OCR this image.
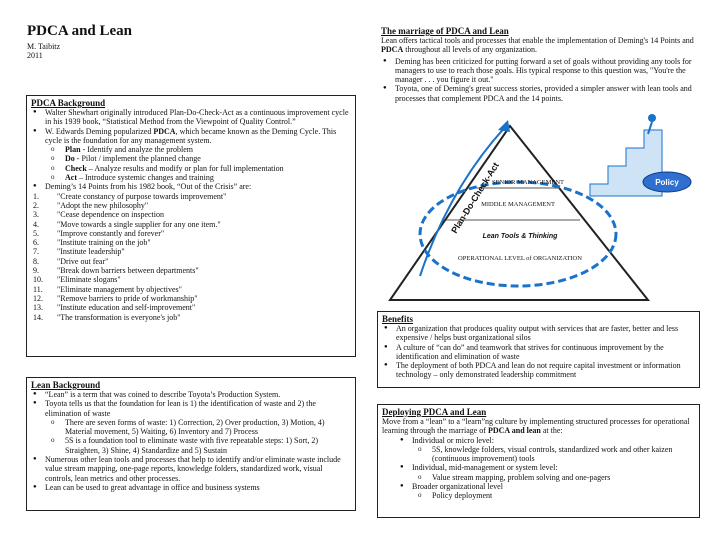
PDCA and Lean
M. Taibitz
2011
PDCA Background
● Walter Shewhart originally introduced Plan-Do-Check-Act as a continuous improvement cycle in his 1939 book, “Statistical Method from the Viewpoint of Quality Control.”
● W. Edwards Deming popularized PDCA, which became known as the Deming Cycle. This cycle is the foundation for any management system.
o Plan - Identify and analyze the problem
o Do - Pilot / implement the planned change
o Check – Analyze results and modify or plan for full implementation
o Act – Introduce systemic changes and training
● Deming’s 14 Points from his 1982 book, “Out of the Crisis” are:
1. "Create constancy of purpose towards improvement"
2. "Adopt the new philosophy"
3. "Cease dependence on inspection
4. "Move towards a single supplier for any one item."
5. "Improve constantly and forever"
6. "Institute training on the job"
7. "Institute leadership"
8. "Drive out fear"
9. "Break down barriers between departments"
10. "Eliminate slogans"
11. "Eliminate management by objectives"
12. "Remove barriers to pride of workmanship"
13. "Institute education and self-improvement"
14. "The transformation is everyone's job"
Lean Background
● “Lean” is a term that was coined to describe Toyota’s Production System.
● Toyota tells us that the foundation for lean is 1) the identification of waste and 2) the elimination of waste
o There are seven forms of waste: 1) Correction, 2) Over production, 3) Motion, 4) Material movement, 5) Waiting, 6) Inventory and 7) Process
o 5S is a foundation tool to eliminate waste with five repeatable steps: 1) Sort, 2) Straighten, 3) Shine, 4) Standardize and 5) Sustain
● Numerous other lean tools and processes that help to identify and/or eliminate waste include value stream mapping, one-page reports, knowledge folders, standardized work, visual controls, lean metrics and other processes.
● Lean can be used to great advantage in office and business systems
The marriage of PDCA and Lean
Lean offers tactical tools and processes that enable the implementation of Deming's 14 Points and PDCA throughout all levels of any organization.
● Deming has been criticized for putting forward a set of goals without providing any tools for managers to use to reach those goals. His typical response to this question was, "You're the manager . . . you figure it out."
● Toyota, one of Deming's great success stories, provided a simpler answer with lean tools and processes that complement PDCA and the 14 points.
Plan-Do-Check-Act
SENIOR MANAGEMENT
MIDDLE MANAGEMENT
Lean Tools & Thinking
OPERATIONAL LEVEL of ORGANIZATION
Policy
Benefits
● An organization that produces quality output with services that are faster, better and less expensive / helps bust organizational silos
● A culture of “can do” and teamwork that strives for continuous improvement by the identification and elimination of waste
● The deployment of both PDCA and lean do not require capital investment or information technology – only demonstrated leadership commitment
Deploying PDCA and Lean
Move from a “lean” to a “learn”ng culture by implementing structured processes for operational learning through the marriage of PDCA and lean at the:
● Individual or micro level:
o 5S, knowledge folders, visual controls, standardized work and other kaizen (continuous improvement) tools
● Individual, mid-management or system level:
o Value stream mapping, problem solving and one-pagers
● Broader organizational level
o Policy deployment
